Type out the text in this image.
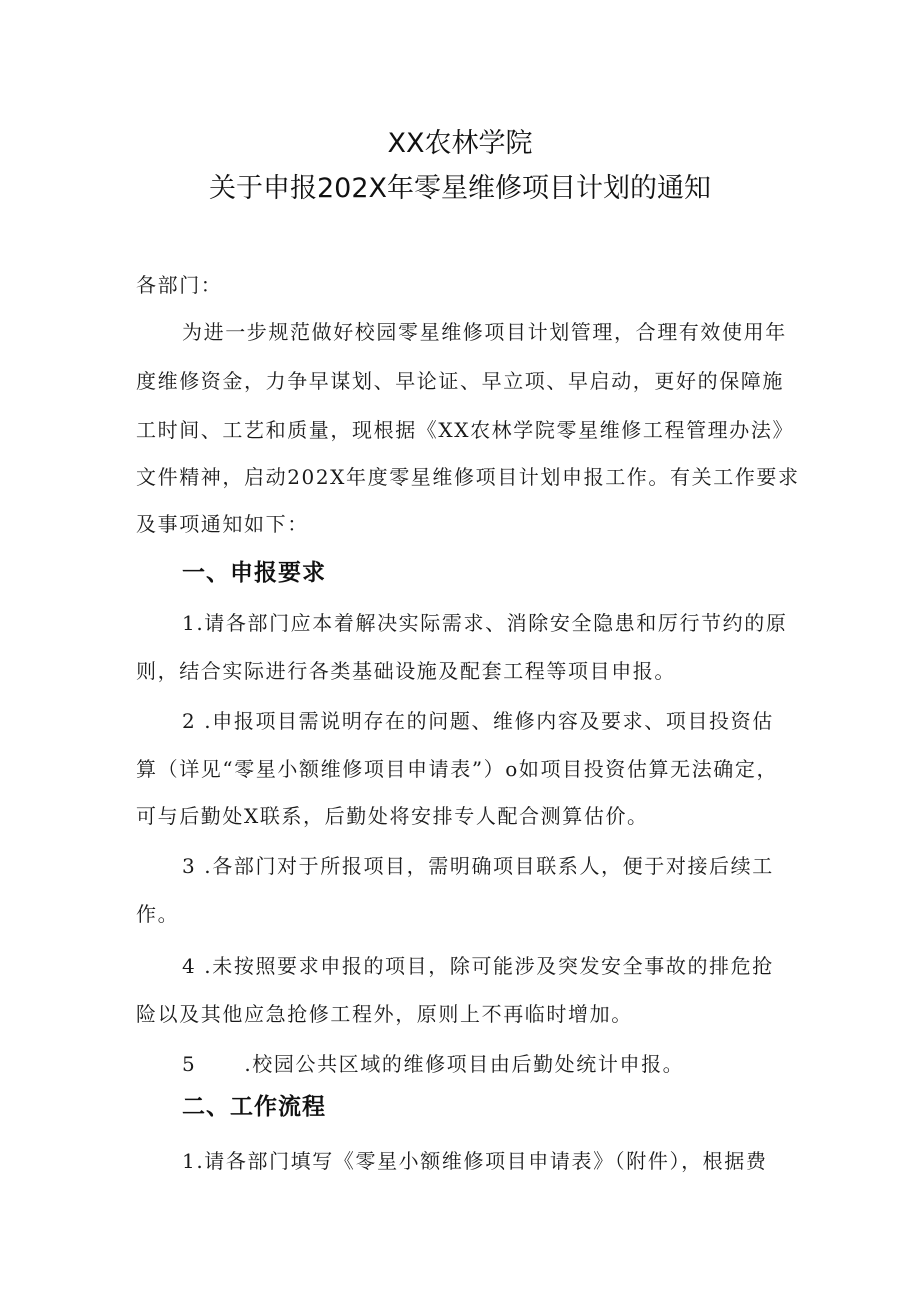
XX农林学院
关于申报202X年零星维修项目计划的通知
各部门：
为进一步规范做好校园零星维修项目计划管理，合理有效使用年
度维修资金，力争早谋划、早论证、早立项、早启动，更好的保障施
工时间、工艺和质量，现根据《XX农林学院零星维修工程管理办法》
文件精神，启动202X年度零星维修项目计划申报工作。有关工作要求
及事项通知如下：
一、申报要求
1.请各部门应本着解决实际需求、消除安全隐患和厉行节约的原
则，结合实际进行各类基础设施及配套工程等项目申报。
2 .申报项目需说明存在的问题、维修内容及要求、项目投资估
算（详见“零星小额维修项目申请表”）o如项目投资估算无法确定，
可与后勤处X联系，后勤处将安排专人配合测算估价。
3 .各部门对于所报项目，需明确项目联系人，便于对接后续工
作。
4 .未按照要求申报的项目，除可能涉及突发安全事故的排危抢
险以及其他应急抢修工程外，原则上不再临时增加。
5 .校园公共区域的维修项目由后勤处统计申报。
二、工作流程
1.请各部门填写《零星小额维修项目申请表》（附件），根据费
